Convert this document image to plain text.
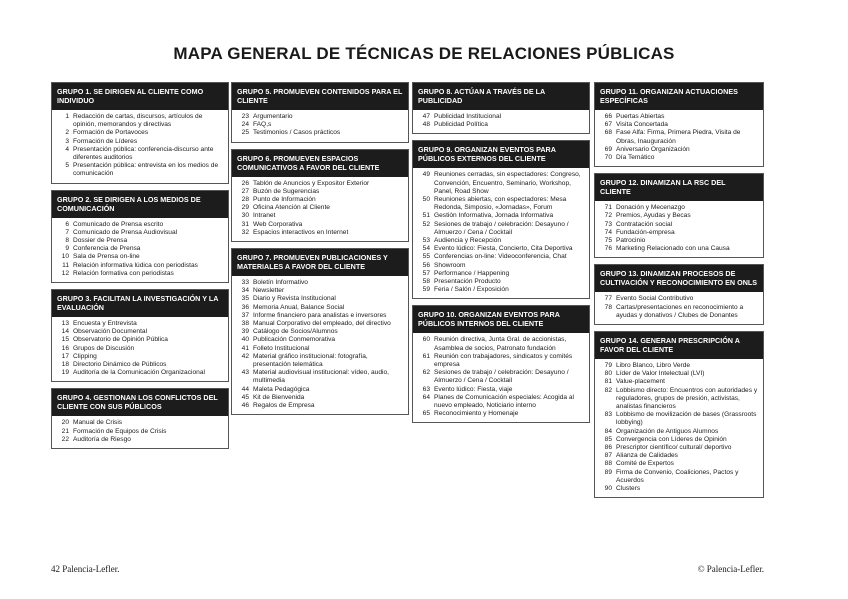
MAPA GENERAL DE TÉCNICAS DE RELACIONES PÚBLICAS
GRUPO 1. SE DIRIGEN AL CLIENTE COMO INDIVIDUO
1 Redacción de cartas, discursos, artículos de opinión, memorandos y directivas
2 Formación de Portavoces
3 Formación de Líderes
4 Presentación pública: conferencia-discurso ante diferentes auditorios
5 Presentación pública: entrevista en los medios de comunicación
GRUPO 2. SE DIRIGEN A LOS MEDIOS DE COMUNICACIÓN
6 Comunicado de Prensa escrito
7 Comunicado de Prensa Audiovisual
8 Dossier de Prensa
9 Conferencia de Prensa
10 Sala de Prensa on-line
11 Relación informativa lúdica con periodistas
12 Relación formativa con periodistas
GRUPO 3. FACILITAN LA INVESTIGACIÓN Y LA EVALUACIÓN
13 Encuesta y Entrevista
14 Observación Documental
15 Observatorio de Opinión Pública
16 Grupos de Discusión
17 Clipping
18 Directorio Dinámico de Públicos
19 Auditoría de la Comunicación Organizacional
GRUPO 4. GESTIONAN LOS CONFLICTOS DEL CLIENTE CON SUS PÚBLICOS
20 Manual de Crisis
21 Formación de Equipos de Crisis
22 Auditoría de Riesgo
GRUPO 5. PROMUEVEN CONTENIDOS PARA EL CLIENTE
23 Argumentario
24 FAQ,s
25 Testimonios / Casos prácticos
GRUPO 6. PROMUEVEN ESPACIOS COMUNICATIVOS A FAVOR DEL CLIENTE
26 Tablón de Anuncios y Expositor Exterior
27 Buzón de Sugerencias
28 Punto de Información
29 Oficina Atención al Cliente
30 Intranet
31 Web Corporativa
32 Espacios interactivos en Internet
GRUPO 7. PROMUEVEN PUBLICACIONES Y MATERIALES A FAVOR DEL CLIENTE
33 Boletín Informativo
34 Newsletter
35 Diario y Revista Institucional
36 Memoria Anual, Balance Social
37 Informe financiero para analistas e inversores
38 Manual Corporativo del empleado, del directivo
39 Catálogo de Socios/Alumnos
40 Publicación Conmemorativa
41 Folleto Institucional
42 Material gráfico institucional: fotografía, presentación telemática
43 Material audiovisual institucional: vídeo, audio, multimedia
44 Maleta Pedagógica
45 Kit de Bienvenida
46 Regalos de Empresa
GRUPO 8. ACTÚAN A TRAVÉS DE LA PUBLICIDAD
47 Publicidad Institucional
48 Publicidad Política
GRUPO 9. ORGANIZAN EVENTOS PARA PÚBLICOS EXTERNOS DEL CLIENTE
49 Reuniones cerradas, sin espectadores: Congreso, Convención, Encuentro, Seminario, Workshop, Panel, Road Show
50 Reuniones abiertas, con espectadores: Mesa Redonda, Simposio, «Jornadas», Forum
51 Gestión Informativa, Jornada Informativa
52 Sesiones de trabajo / celebración: Desayuno / Almuerzo / Cena / Cocktail
53 Audiencia y Recepción
54 Evento lúdico: Fiesta, Concierto, Cita Deportiva
55 Conferencias on-line: Videoconferencia, Chat
56 Showroom
57 Performance / Happening
58 Presentación Producto
59 Feria / Salón / Exposición
GRUPO 10. ORGANIZAN EVENTOS PARA PÚBLICOS INTERNOS DEL CLIENTE
60 Reunión directiva, Junta Gral. de accionistas, Asamblea de socios, Patronato fundación
61 Reunión con trabajadores, sindicatos y comités empresa
62 Sesiones de trabajo / celebración: Desayuno / Almuerzo / Cena / Cocktail
63 Evento lúdico: Fiesta, viaje
64 Planes de Comunicación especiales: Acogida al nuevo empleado, Noticiario interno
65 Reconocimiento y Homenaje
GRUPO 11. ORGANIZAN ACTUACIONES ESPECÍFICAS
66 Puertas Abiertas
67 Visita Concertada
68 Fase Alfa: Firma, Primera Piedra, Visita de Obras, Inauguración
69 Aniversario Organización
70 Día Temático
GRUPO 12. DINAMIZAN LA RSC DEL CLIENTE
71 Donación y Mecenazgo
72 Premios, Ayudas y Becas
73 Contratación social
74 Fundación-empresa
75 Patrocinio
76 Marketing Relacionado con una Causa
GRUPO 13. DINAMIZAN PROCESOS DE CULTIVACIÓN Y RECONOCIMIENTO EN ONLS
77 Evento Social Contributivo
78 Cartas/presentaciones en reconocimiento a ayudas y donativos / Clubes de Donantes
GRUPO 14. GENERAN PRESCRIPCIÓN A FAVOR DEL CLIENTE
79 Libro Blanco, Libro Verde
80 Líder de Valor Intelectual (LVI)
81 Value-placement
82 Lobbismo directo: Encuentros con autoridades y reguladores, grupos de presión, activistas, analistas financieros
83 Lobbismo de movilización de bases (Grassroots lobbying)
84 Organización de Antiguos Alumnos
85 Convergencia con Líderes de Opinión
86 Prescriptor científico/ cultural/ deportivo
87 Alianza de Calidades
88 Comité de Expertos
89 Firma de Convenio, Coaliciones, Pactos y Acuerdos
90 Clusters
42 Palencia-Lefler.	© Palencia-Lefler.
